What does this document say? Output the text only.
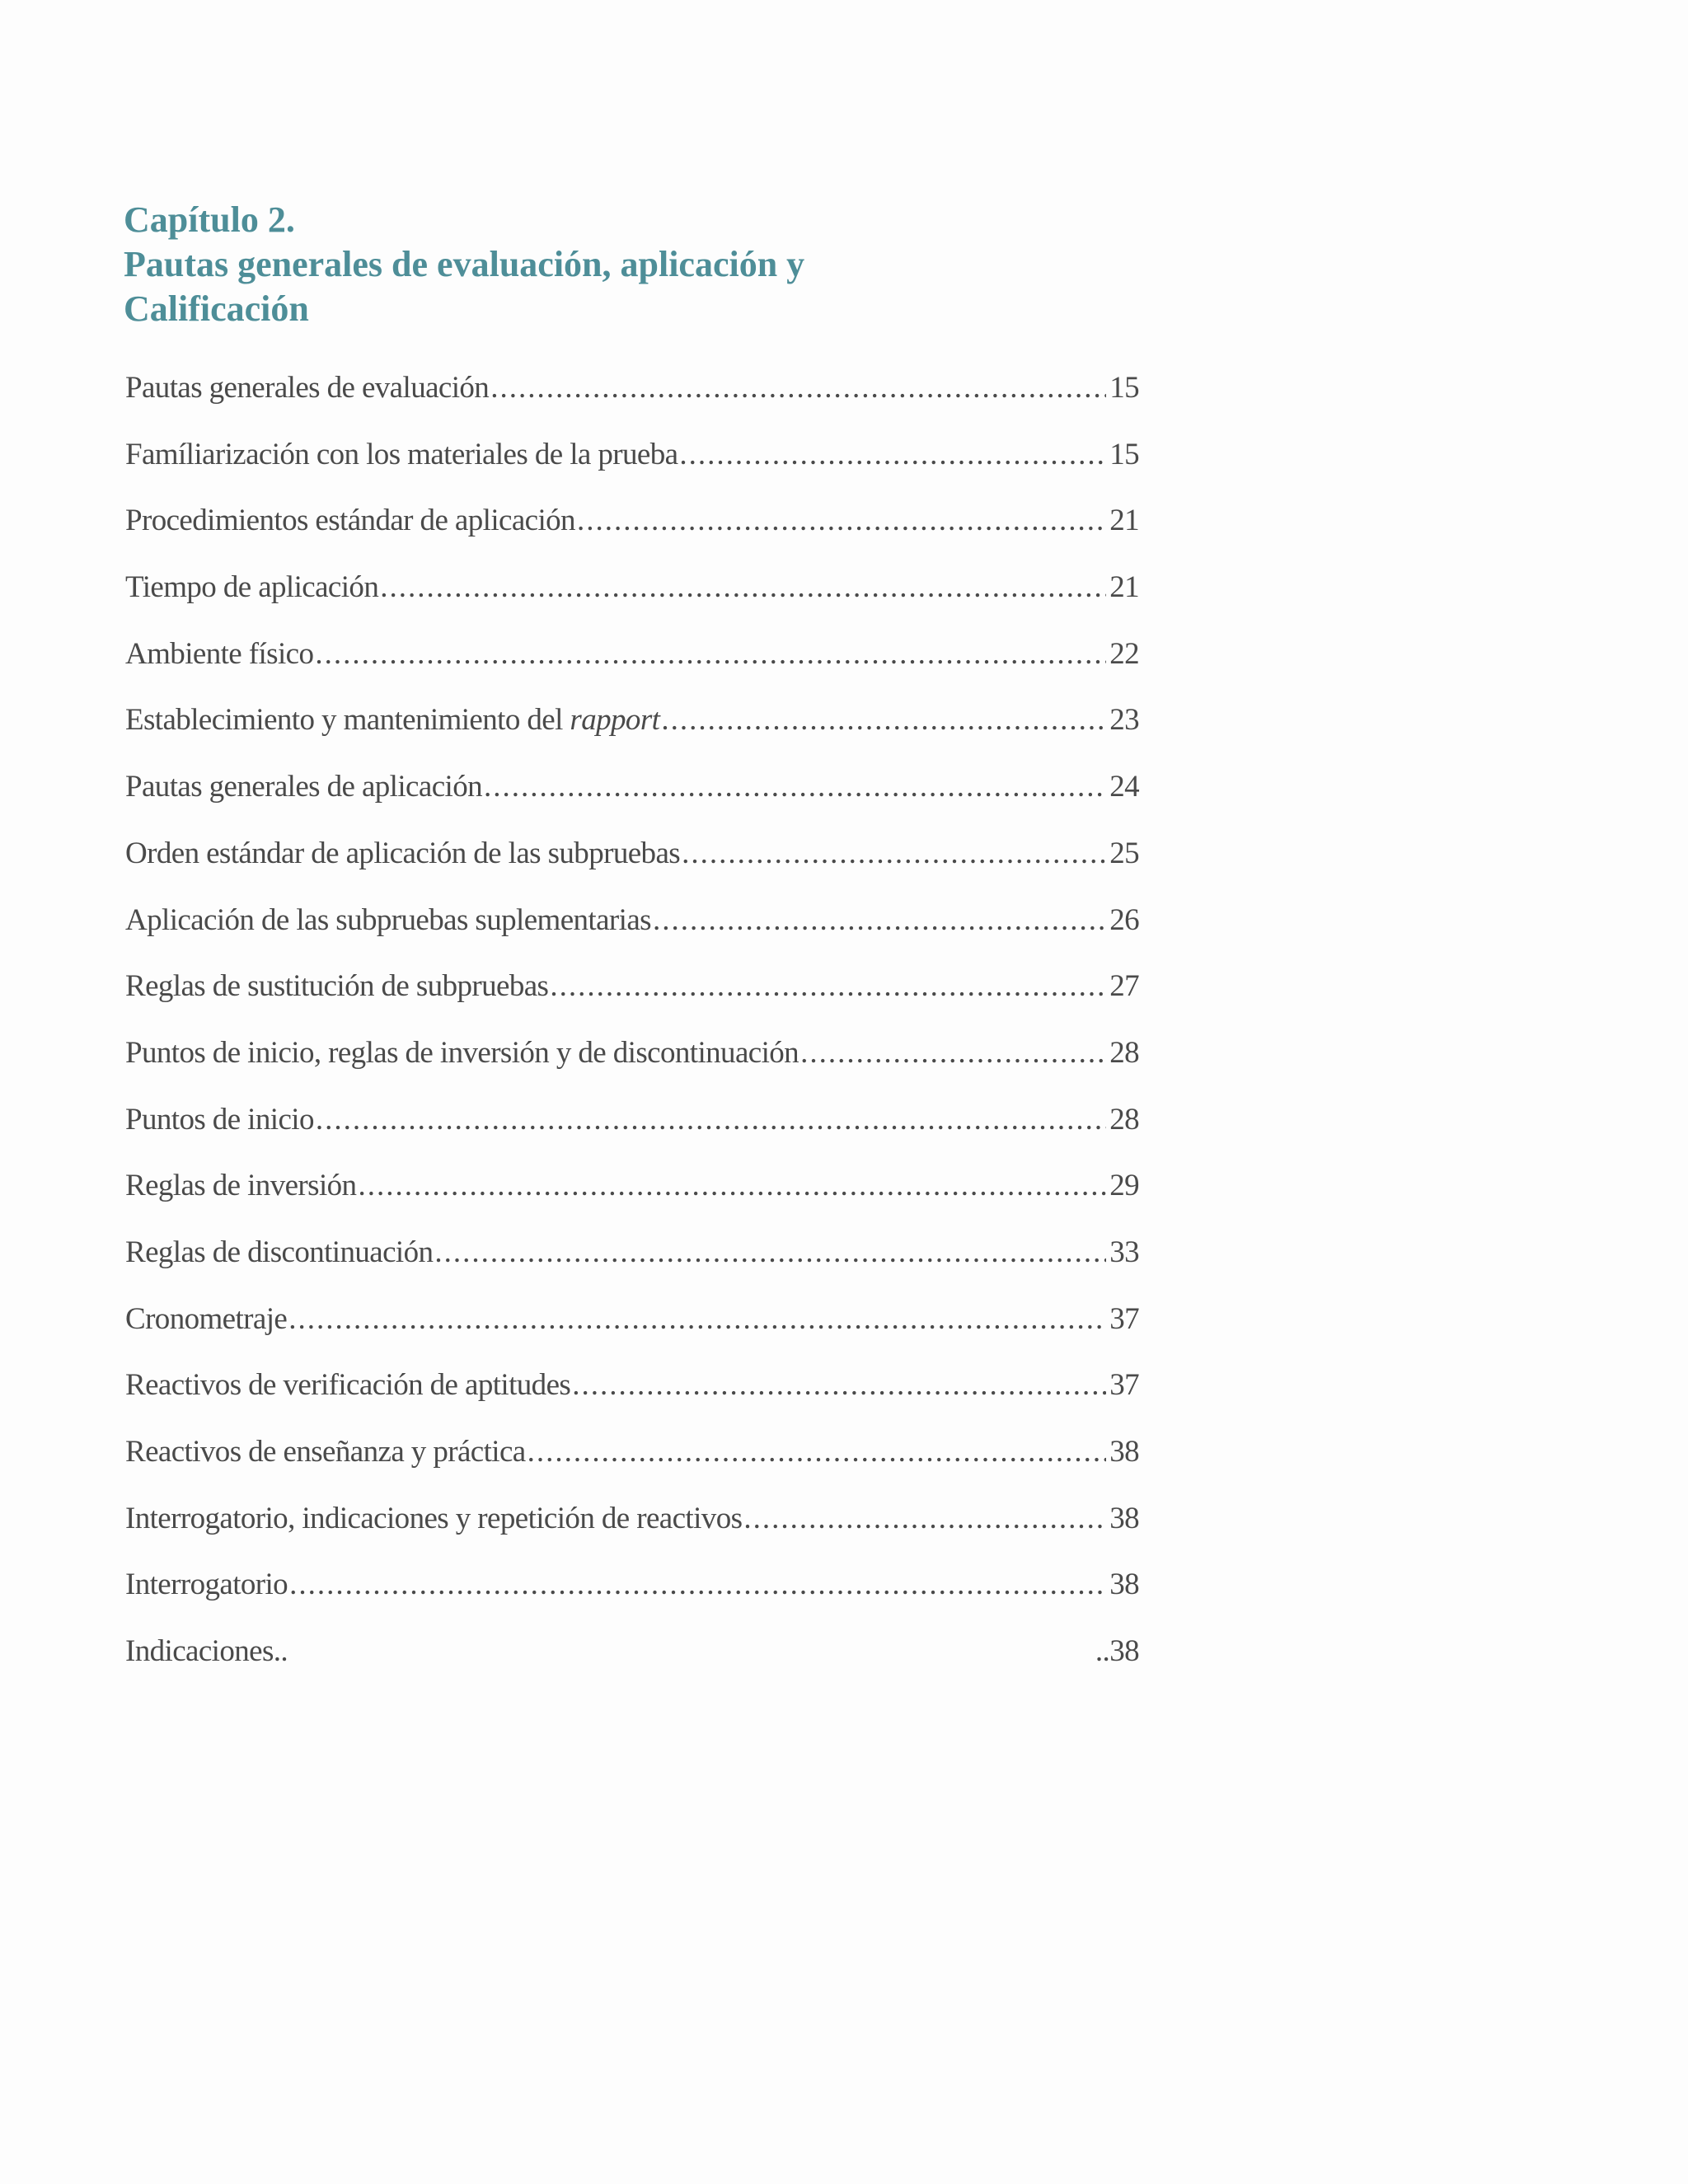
Capítulo 2.
Pautas generales de evaluación, aplicación y
Calificación
Pautas generales de evaluación .....	15
Famíliarización con los materiales de la prueba .....	15
Procedimientos estándar de aplicación .....	21
Tiempo de aplicación .....	21
Ambiente físico .....	22
Establecimiento y mantenimiento del rapport .....	23
Pautas generales de aplicación .....	24
Orden estándar de aplicación de las subpruebas .....	25
Aplicación de las subpruebas suplementarias .....	26
Reglas de sustitución de subpruebas .....	27
Puntos de inicio, reglas de inversión y de discontinuación .....	28
Puntos de inicio .....	28
Reglas de inversión .....	29
Reglas de discontinuación .....	33
Cronometraje .....	37
Reactivos de verificación de aptitudes .....	37
Reactivos de enseñanza y práctica .....	38
Interrogatorio, indicaciones y repetición de reactivos .....	38
Interrogatorio .....	38
Indicaciones..	..38
